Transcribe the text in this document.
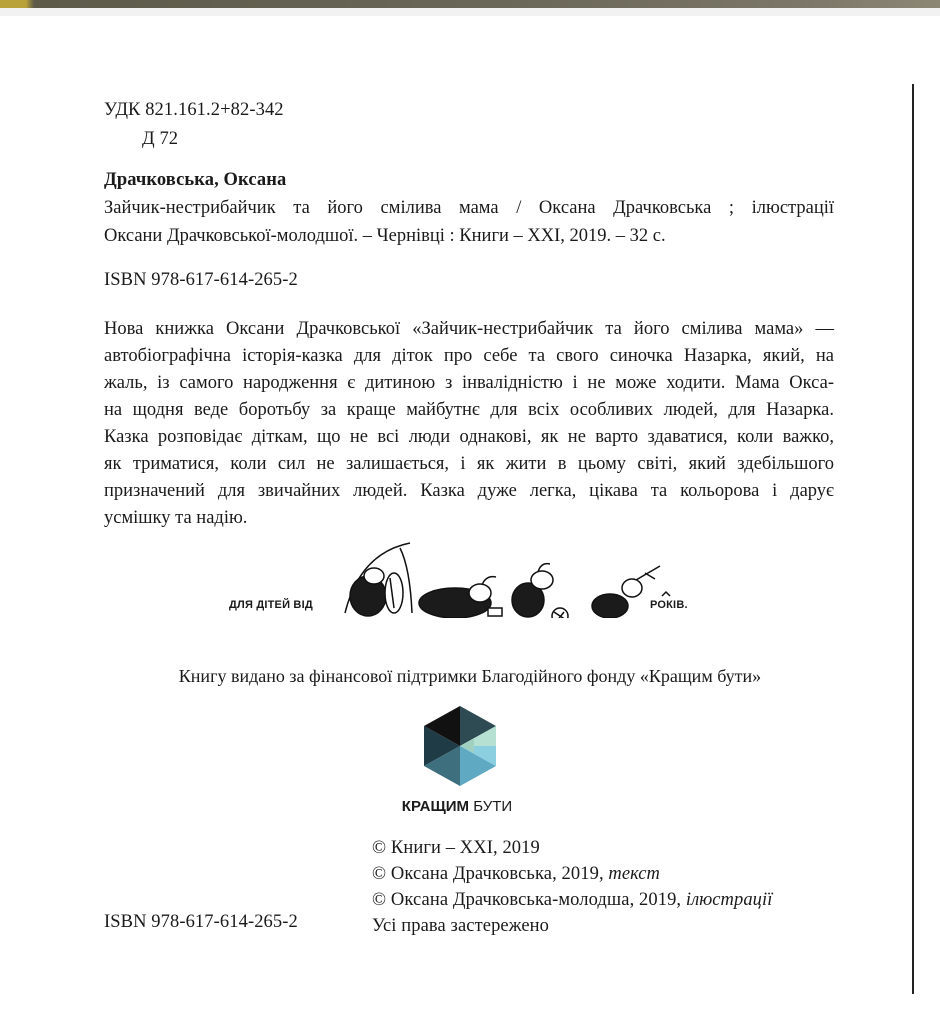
УДК 821.161.2+82-342
Д 72
Драчковська, Оксана
Зайчик-нестрибайчик та його смілива мама / Оксана Драчковська ; ілюстрації
Оксани Драчковської-молодшої. – Чернівці : Книги – ХХІ, 2019. – 32 с.
ISBN 978-617-614-265-2
Нова книжка Оксани Драчковської «Зайчик-нестрибайчик та його смілива мама» —
автобіографічна історія-казка для діток про себе та свого синочка Назарка, який, на
жаль, із самого народження є дитиною з інвалідністю і не може ходити. Мама Окса-
на щодня веде боротьбу за краще майбутнє для всіх особливих людей, для Назарка.
Казка розповідає діткам, що не всі люди однакові, як не варто здаватися, коли важко,
як триматися, коли сил не залишається, і як жити в цьому світі, який здебільшого
призначений для звичайних людей. Казка дуже легка, цікава та кольорова і дарує
усмішку та надію.
ДЛЯ ДІТЕЙ ВІД	РОКІВ.
Книгу видано за фінансової підтримки Благодійного фонду «Кращим бути»
КРАЩИМ БУТИ
© Книги – ХХІ, 2019
© Оксана Драчковська, 2019, текст
© Оксана Драчковська-молодша, 2019, ілюстрації
Усі права застережено
ISBN 978-617-614-265-2
